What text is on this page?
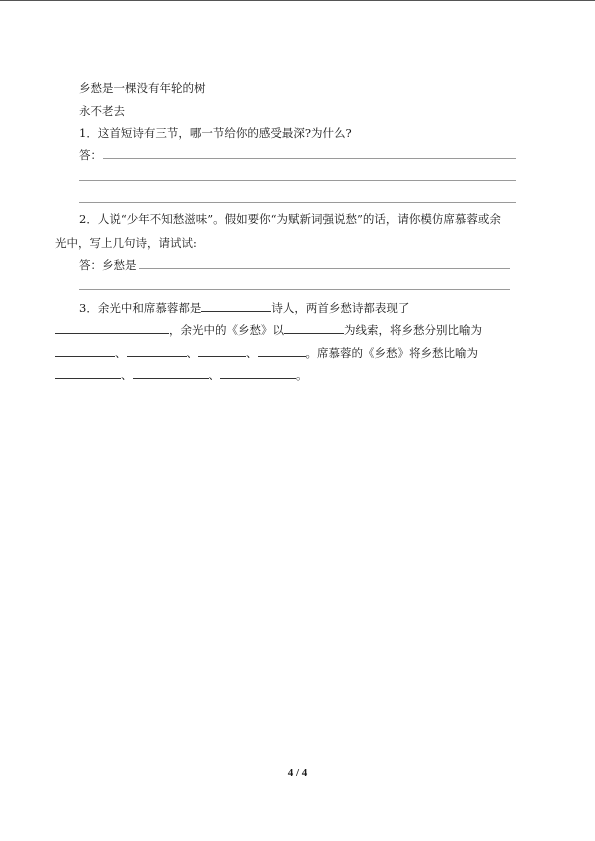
乡愁是一棵没有年轮的树
永不老去
1．这首短诗有三节，哪一节给你的感受最深?为什么?
答：
2．人说“少年不知愁滋味”。假如要你“为赋新词强说愁”的话，请你模仿席慕蓉或余
光中，写上几句诗，请试试:
答：乡愁是
3．余光中和席慕蓉都是	诗人，两首乡愁诗都表现了
，余光中的《乡愁》以	为线索，将乡愁分别比喻为
、	、	、	。席慕蓉的《乡愁》将乡愁比喻为
、	、	。
4 / 4
